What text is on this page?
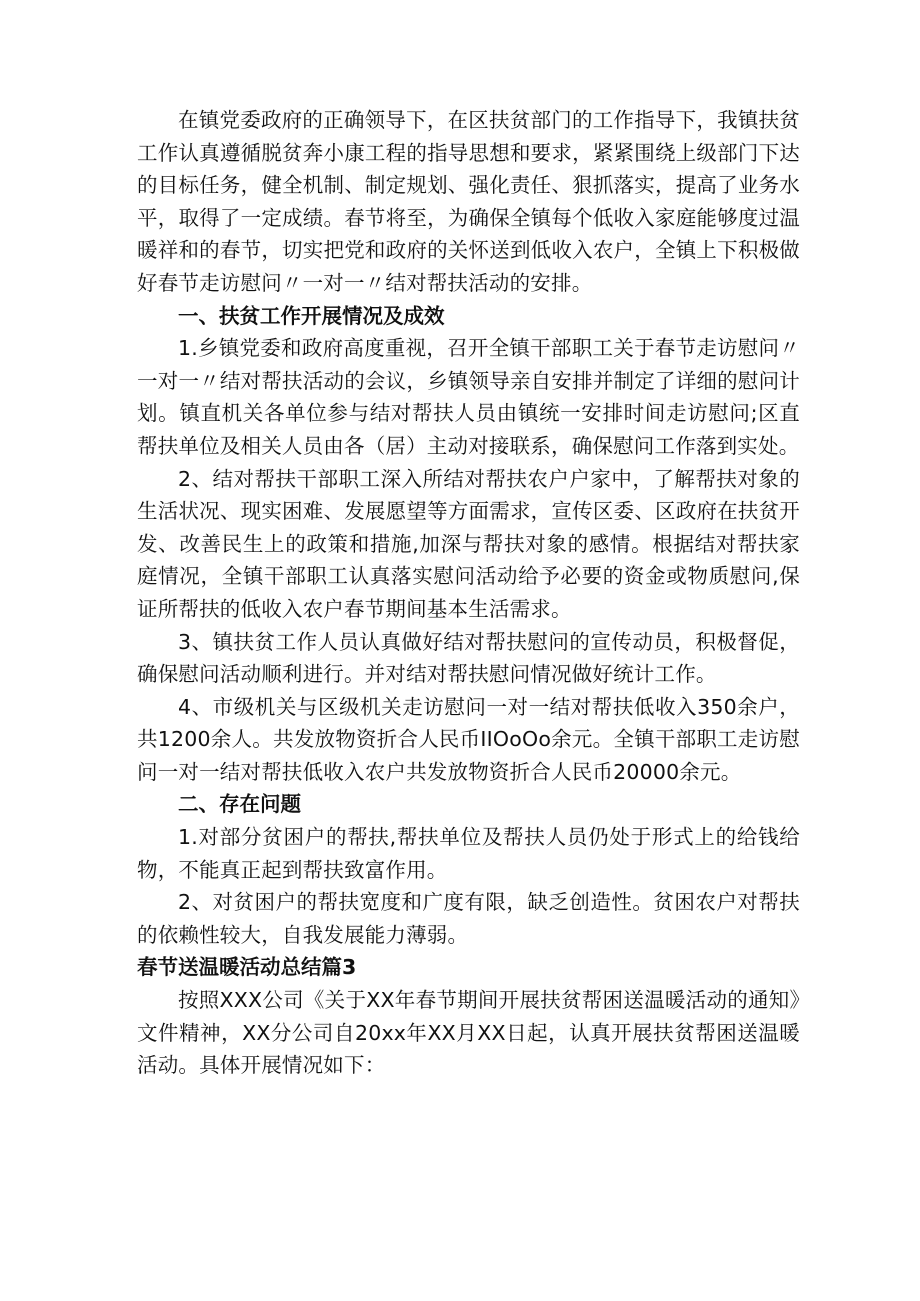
在镇党委政府的正确领导下，在区扶贫部门的工作指导下，我镇扶贫工作认真遵循脱贫奔小康工程的指导思想和要求，紧紧围绕上级部门下达的目标任务，健全机制、制定规划、强化责任、狠抓落实，提高了业务水平，取得了一定成绩。春节将至，为确保全镇每个低收入家庭能够度过温暖祥和的春节，切实把党和政府的关怀送到低收入农户，全镇上下积极做好春节走访慰问〃一对一〃结对帮扶活动的安排。

一、扶贫工作开展情况及成效

1.乡镇党委和政府高度重视，召开全镇干部职工关于春节走访慰问〃一对一〃结对帮扶活动的会议，乡镇领导亲自安排并制定了详细的慰问计划。镇直机关各单位参与结对帮扶人员由镇统一安排时间走访慰问;区直帮扶单位及相关人员由各（居）主动对接联系，确保慰问工作落到实处。

2、结对帮扶干部职工深入所结对帮扶农户户家中，了解帮扶对象的生活状况、现实困难、发展愿望等方面需求，宣传区委、区政府在扶贫开发、改善民生上的政策和措施,加深与帮扶对象的感情。根据结对帮扶家庭情况，全镇干部职工认真落实慰问活动给予必要的资金或物质慰问,保证所帮扶的低收入农户春节期间基本生活需求。

3、镇扶贫工作人员认真做好结对帮扶慰问的宣传动员，积极督促，确保慰问活动顺利进行。并对结对帮扶慰问情况做好统计工作。

4、市级机关与区级机关走访慰问一对一结对帮扶低收入350余户，共1200余人。共发放物资折合人民币IIOoOo余元。全镇干部职工走访慰问一对一结对帮扶低收入农户共发放物资折合人民币20000余元。

二、存在问题

1.对部分贫困户的帮扶,帮扶单位及帮扶人员仍处于形式上的给钱给物，不能真正起到帮扶致富作用。

2、对贫困户的帮扶宽度和广度有限，缺乏创造性。贫困农户对帮扶的依赖性较大，自我发展能力薄弱。

春节送温暖活动总结篇3

按照XXX公司《关于XX年春节期间开展扶贫帮困送温暖活动的通知》文件精神，XX分公司自20xx年XX月XX日起，认真开展扶贫帮困送温暖活动。具体开展情况如下：
